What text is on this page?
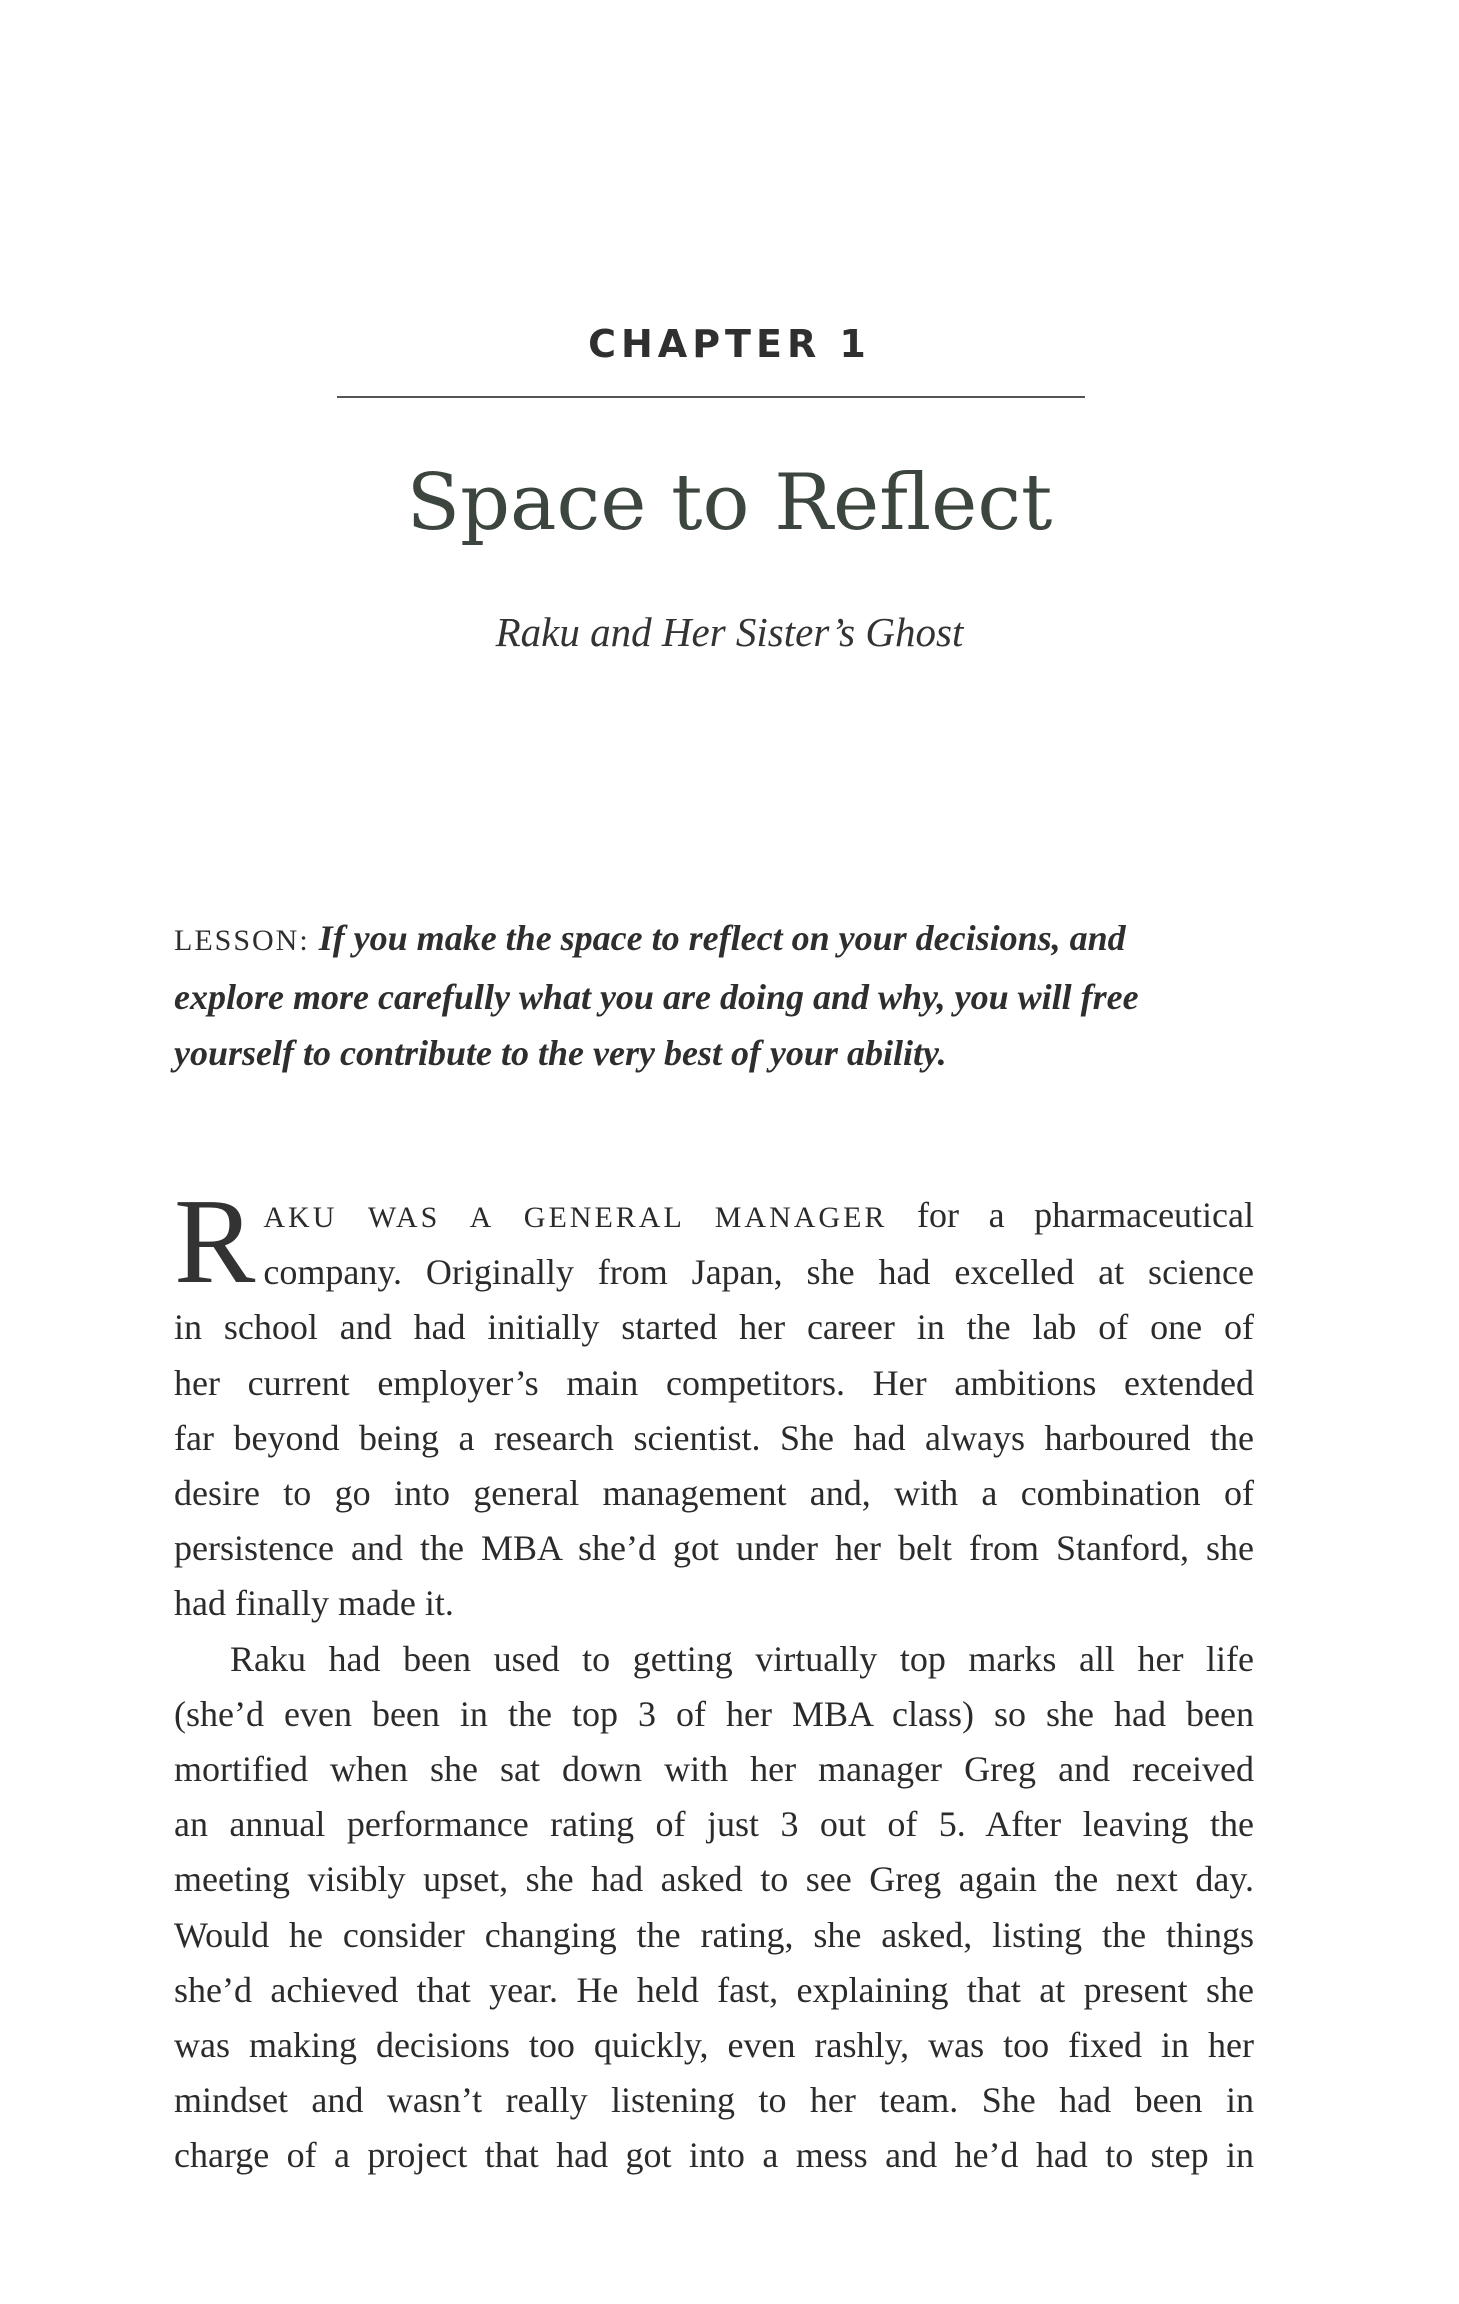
CHAPTER 1
Space to Reflect
Raku and Her Sister’s Ghost
LESSON: If you make the space to reflect on your decisions, and
explore more carefully what you are doing and why, you will free
yourself to contribute to the very best of your ability.
R AKU WAS A GENERAL MANAGER for a pharmaceutical
company. Originally from Japan, she had excelled at science
in school and had initially started her career in the lab of one of
her current employer’s main competitors. Her ambitions extended
far beyond being a research scientist. She had always harboured the
desire to go into general management and, with a combination of
persistence and the MBA she’d got under her belt from Stanford, she
had finally made it.
Raku had been used to getting virtually top marks all her life
(she’d even been in the top 3 of her MBA class) so she had been
mortified when she sat down with her manager Greg and received
an annual performance rating of just 3 out of 5. After leaving the
meeting visibly upset, she had asked to see Greg again the next day.
Would he consider changing the rating, she asked, listing the things
she’d achieved that year. He held fast, explaining that at present she
was making decisions too quickly, even rashly, was too fixed in her
mindset and wasn’t really listening to her team. She had been in
charge of a project that had got into a mess and he’d had to step in
